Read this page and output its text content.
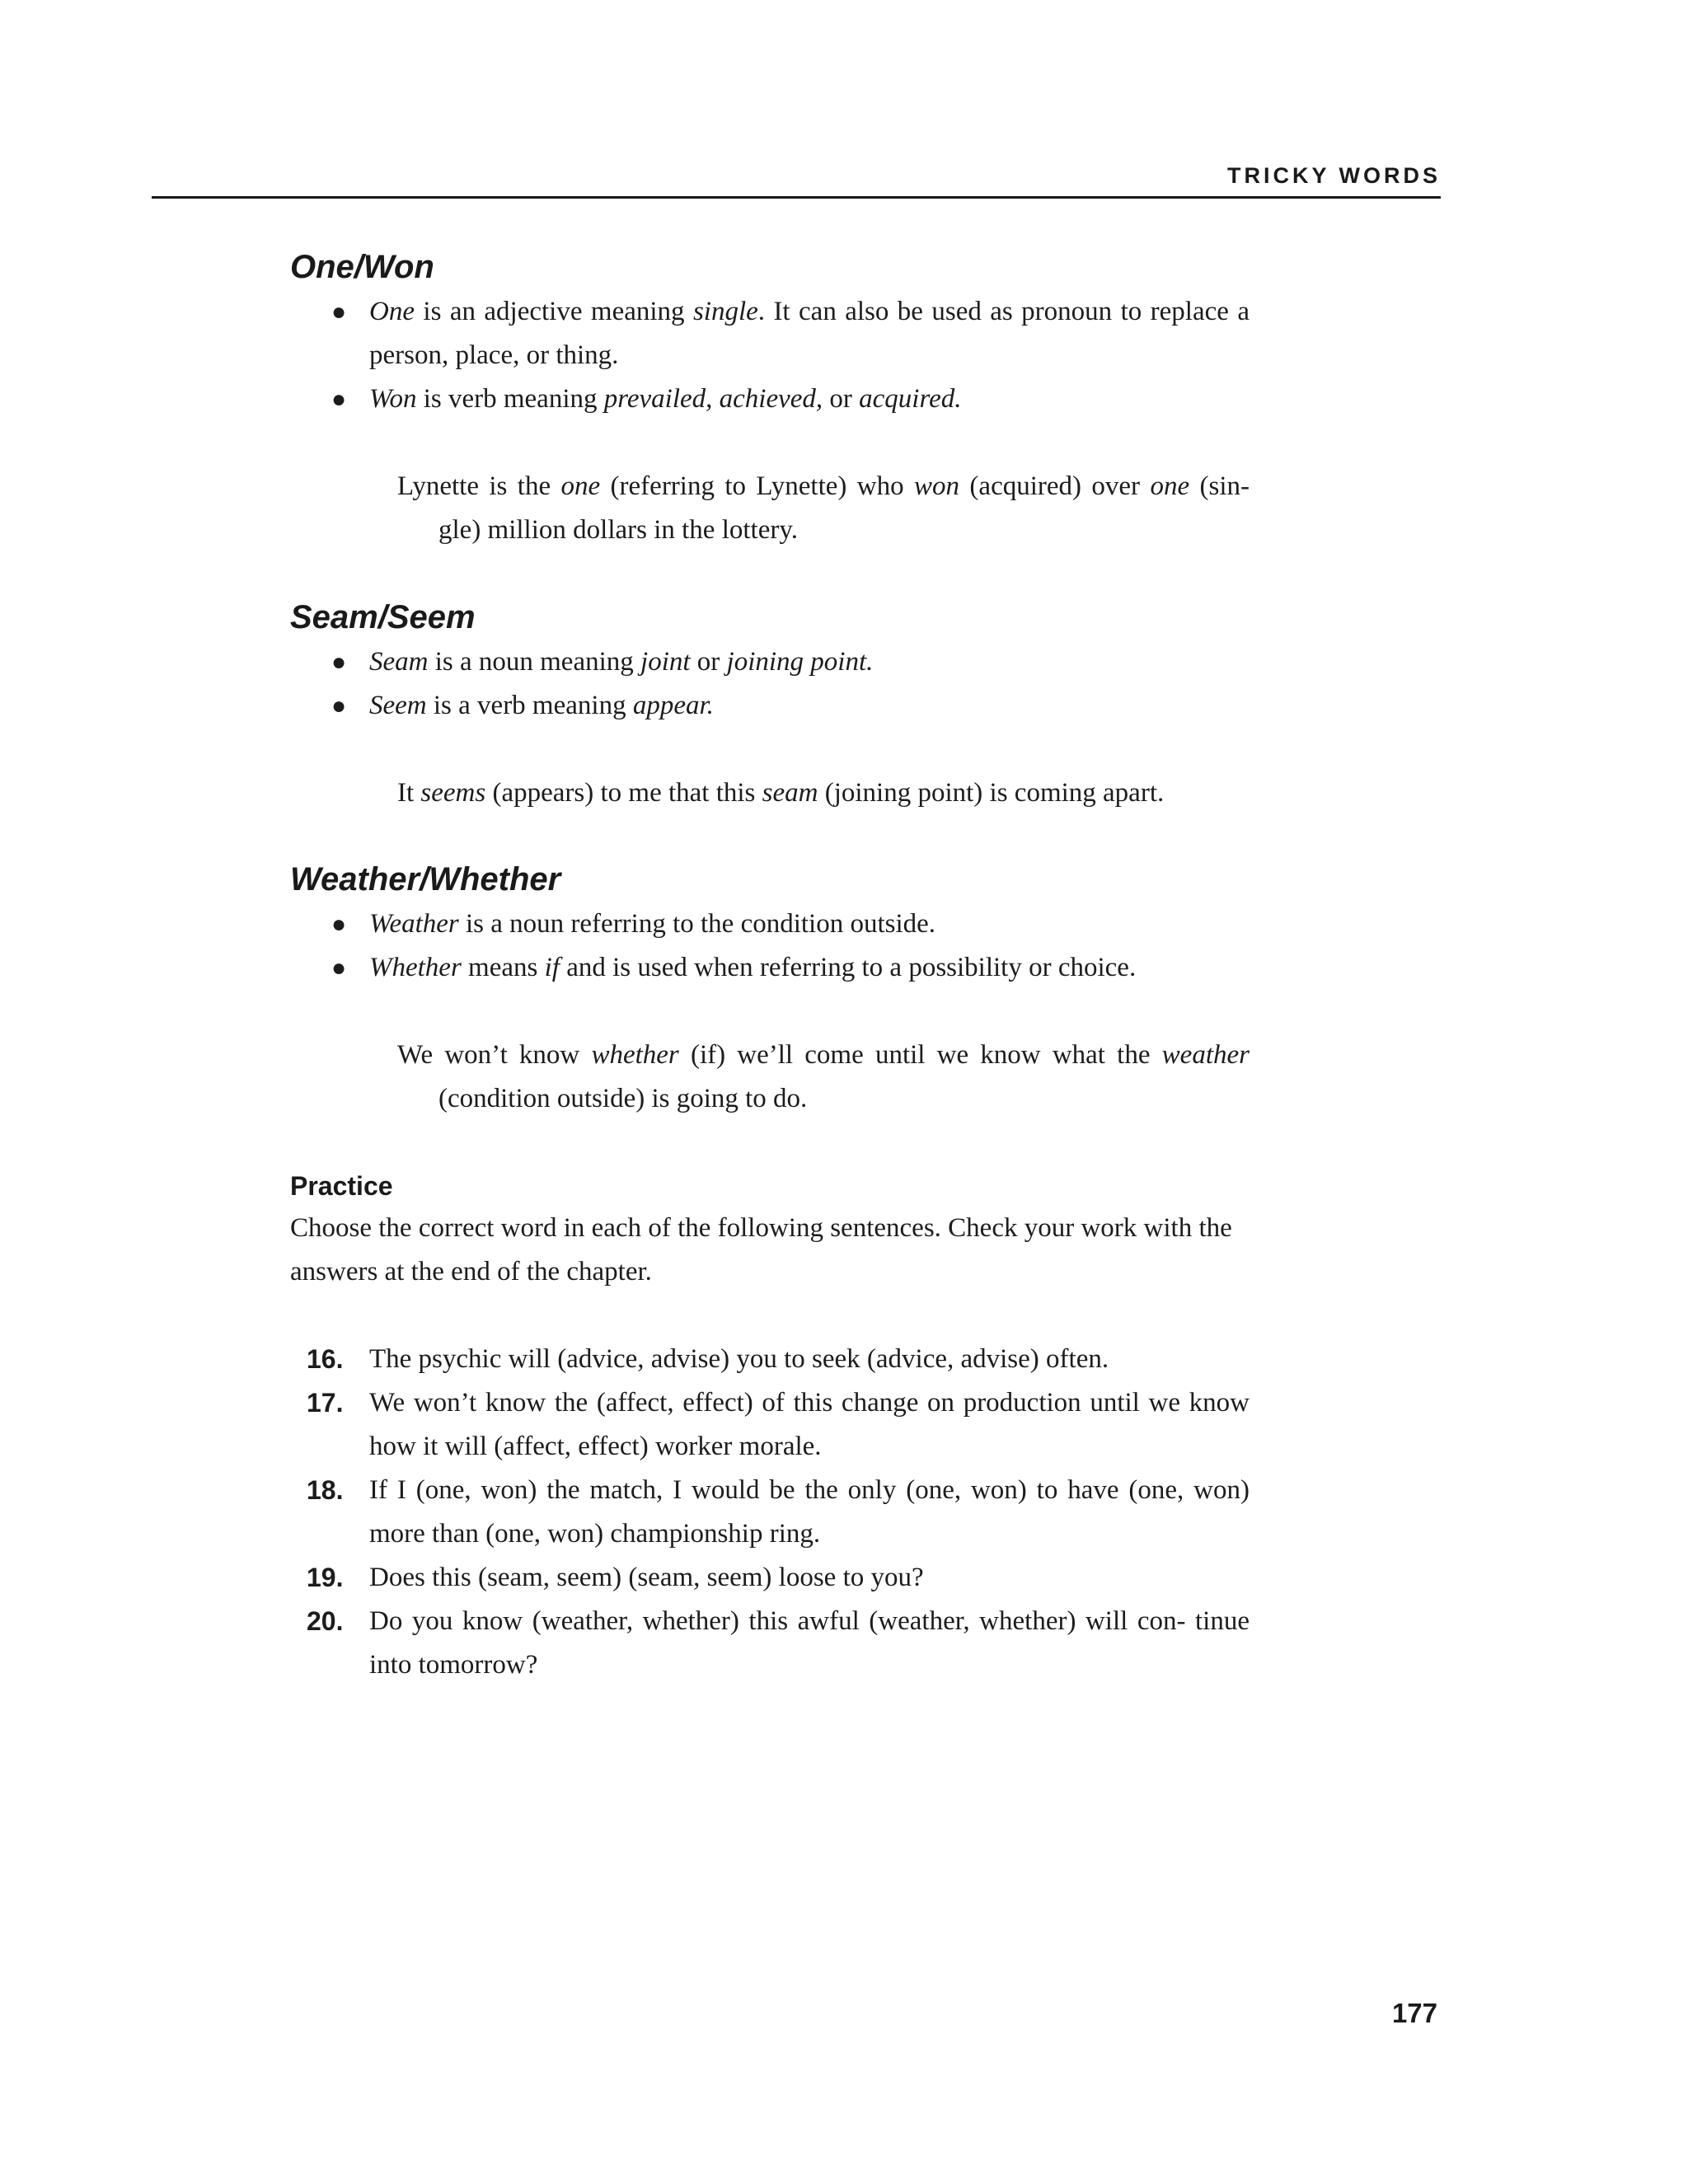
TRICKY WORDS
One/Won
● One is an adjective meaning single. It can also be used as pronoun to replace a person, place, or thing.
● Won is verb meaning prevailed, achieved, or acquired.
Lynette is the one (referring to Lynette) who won (acquired) over one (sin- gle) million dollars in the lottery.
Seam/Seem
● Seam is a noun meaning joint or joining point.
● Seem is a verb meaning appear.
It seems (appears) to me that this seam (joining point) is coming apart.
Weather/Whether
● Weather is a noun referring to the condition outside.
● Whether means if and is used when referring to a possibility or choice.
We won’t know whether (if) we’ll come until we know what the weather (condition outside) is going to do.
Practice

Choose the correct word in each of the following sentences. Check your work with the answers at the end of the chapter.

16. The psychic will (advice, advise) you to seek (advice, advise) often.
17. We won’t know the (affect, effect) of this change on production until we know how it will (affect, effect) worker morale.
18. If I (one, won) the match, I would be the only (one, won) to have (one, won) more than (one, won) championship ring.
19. Does this (seam, seem) (seam, seem) loose to you?
20. Do you know (weather, whether) this awful (weather, whether) will con- tinue into tomorrow?
177
